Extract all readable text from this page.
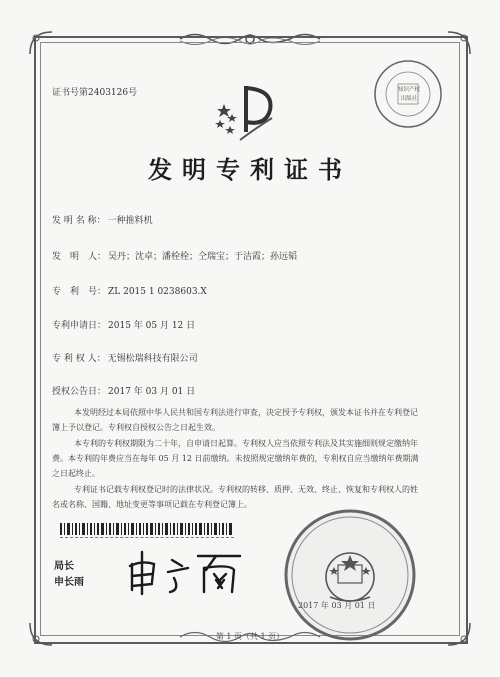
证书号第2403126号	知识产权出版社
发明专利证书
发 明 名 称： 一种推料机
发　明　人： 吴丹；沈卓；潘栓栓；仝瑞宝；于洁霞；孙远韬
专　利　号： ZL 2015 1 0238603.X
专利申请日： 2015 年 05 月 12 日
专 利 权 人： 无锡松瑞科技有限公司
授权公告日： 2017 年 03 月 01 日
本发明经过本局依照中华人民共和国专利法进行审查，决定授予专利权，颁发本证书并在专利登记簿上予以登记。专利权自授权公告之日起生效。
本专利的专利权期限为二十年，自申请日起算。专利权人应当依照专利法及其实施细则规定缴纳年费。本专利的年费应当在每年 05 月 12 日前缴纳。未按照规定缴纳年费的，专利权自应当缴纳年费期满之日起终止。
专利证书记载专利权登记时的法律状况。专利权的转移、质押、无效、终止、恢复和专利权人的姓名或名称、国籍、地址变更等事项记载在专利登记簿上。
局长
申长雨
2017 年 03 月 01 日
第 1 页（共 1 页）
